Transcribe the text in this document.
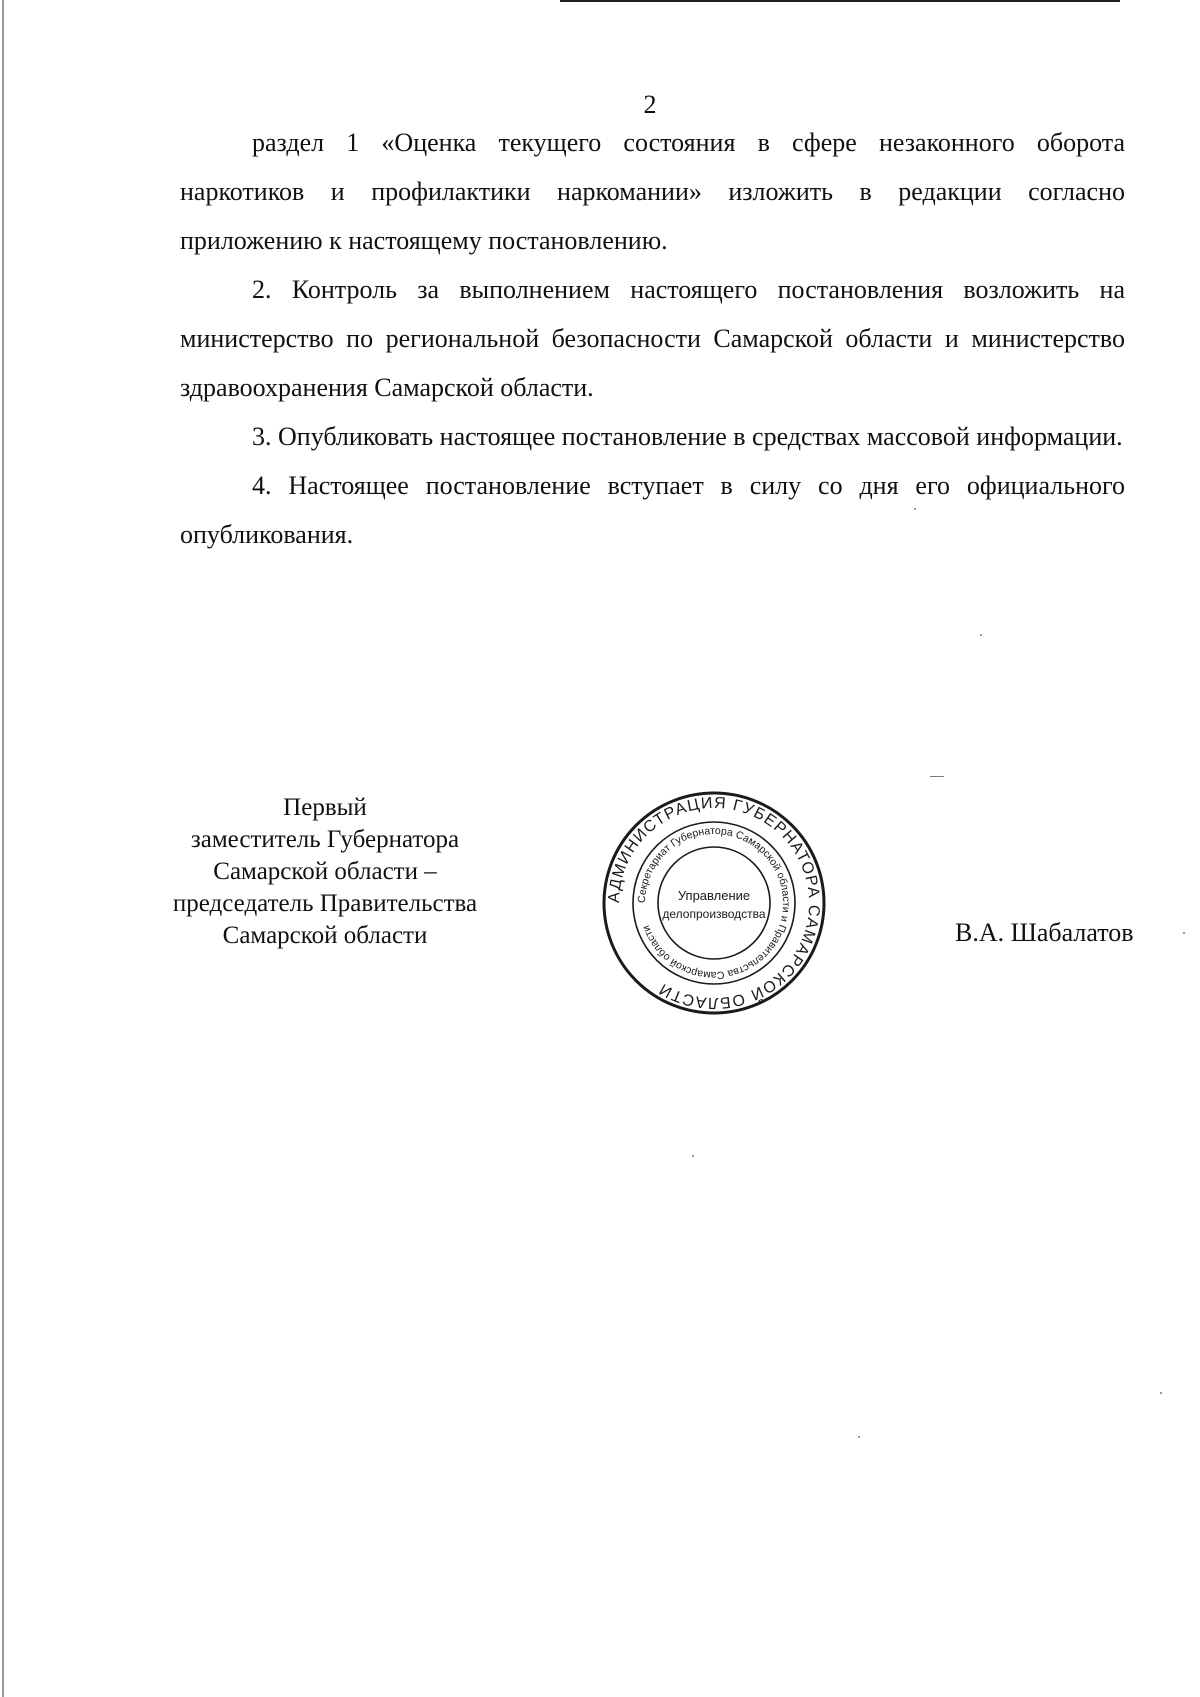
2

раздел 1 «Оценка текущего состояния в сфере незаконного оборота наркотиков и профилактики наркомании» изложить в редакции согласно приложению к настоящему постановлению.

2. Контроль за выполнением настоящего постановления возложить на министерство по региональной безопасности Самарской области и министерство здравоохранения Самарской области.

3. Опубликовать настоящее постановление в средствах массовой информации.

4. Настоящее постановление вступает в силу со дня его официального опубликования.

Первый
заместитель Губернатора
Самарской области –
председатель Правительства
Самарской области
АДМИНИСТРАЦИЯ ГУБЕРНАТОРА САМАРСКОЙ ОБЛАСТИ
Секретариат Губернатора Самарской области и Правительства Самарской области
Управление
делопроизводства
В.А. Шабалатов
